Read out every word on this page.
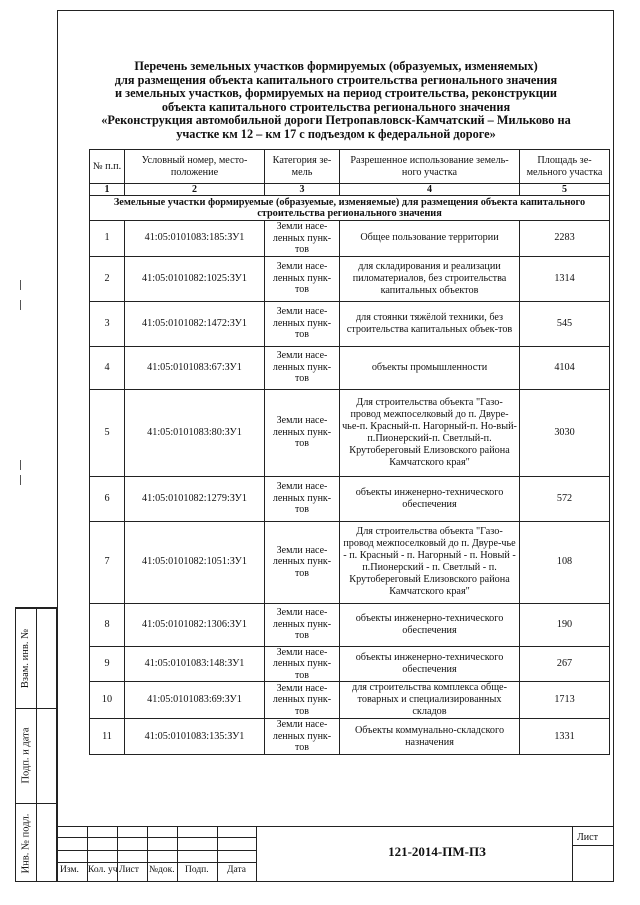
Взам. инв. №
Подп. и дата
Инв. № подл.
Перечень земельных участков формируемых (образуемых, изменяемых)
для размещения объекта капитального строительства регионального значения
и земельных участков, формируемых на период строительства, реконструкции
объекта капитального строительства регионального значения
«Реконструкция автомобильной дороги Петропавловск-Камчатский – Мильково на
участке км 12 – км 17 с подъездом к федеральной дороге»
№ п.п.	Условный номер, место-положение	Категория зе-мель	Разрешенное использование земель-ного участка	Площадь зе-мельного участка
1	2	3	4	5
Земельные участки формируемые (образуемые, изменяемые) для размещения объекта капитального строительства регионального значения				
1	41:05:0101083:185:ЗУ1	Земли насе-ленных пунк-тов	Общее пользование территории	2283
2	41:05:0101082:1025:ЗУ1	Земли насе-ленных пунк-тов	для складирования и реализации пиломатериалов, без строительства капитальных объектов	1314
3	41:05:0101082:1472:ЗУ1	Земли насе-ленных пунк-тов	для стоянки тяжёлой техники, без строительства капитальных объек-тов	545
4	41:05:0101083:67:ЗУ1	Земли насе-ленных пунк-тов	объекты промышленности	4104
5	41:05:0101083:80:ЗУ1	Земли насе-ленных пунк-тов	Для строительства объекта "Газо-провод межпоселковый до п. Двуре-чье-п. Красный-п. Нагорный-п. Но-вый-п.Пионерский-п. Светлый-п. Крутобереговый Елизовского района Камчатского края"	3030
6	41:05:0101082:1279:ЗУ1	Земли насе-ленных пунк-тов	объекты инженерно-технического обеспечения	572
7	41:05:0101082:1051:ЗУ1	Земли насе-ленных пунк-тов	Для строительства объекта "Газо-провод межпоселковый до п. Двуре-чье - п. Красный - п. Нагорный - п. Новый - п.Пионерский - п. Светлый - п. Крутобереговый Елизовского района Камчатского края"	108
8	41:05:0101082:1306:ЗУ1	Земли насе-ленных пунк-тов	объекты инженерно-технического обеспечения	190
9	41:05:0101083:148:ЗУ1	Земли насе-ленных пунк-тов	объекты инженерно-технического обеспечения	267
10	41:05:0101083:69:ЗУ1	Земли насе-ленных пунк-тов	для строительства комплекса обще-товарных и специализированных складов	1713
11	41:05:0101083:135:ЗУ1	Земли насе-ленных пунк-тов	Объекты коммунально-складского назначения	1331
Изм. Кол. уч Лист №док. Подп. Дата
121-2014-ПМ-ПЗ
Лист
